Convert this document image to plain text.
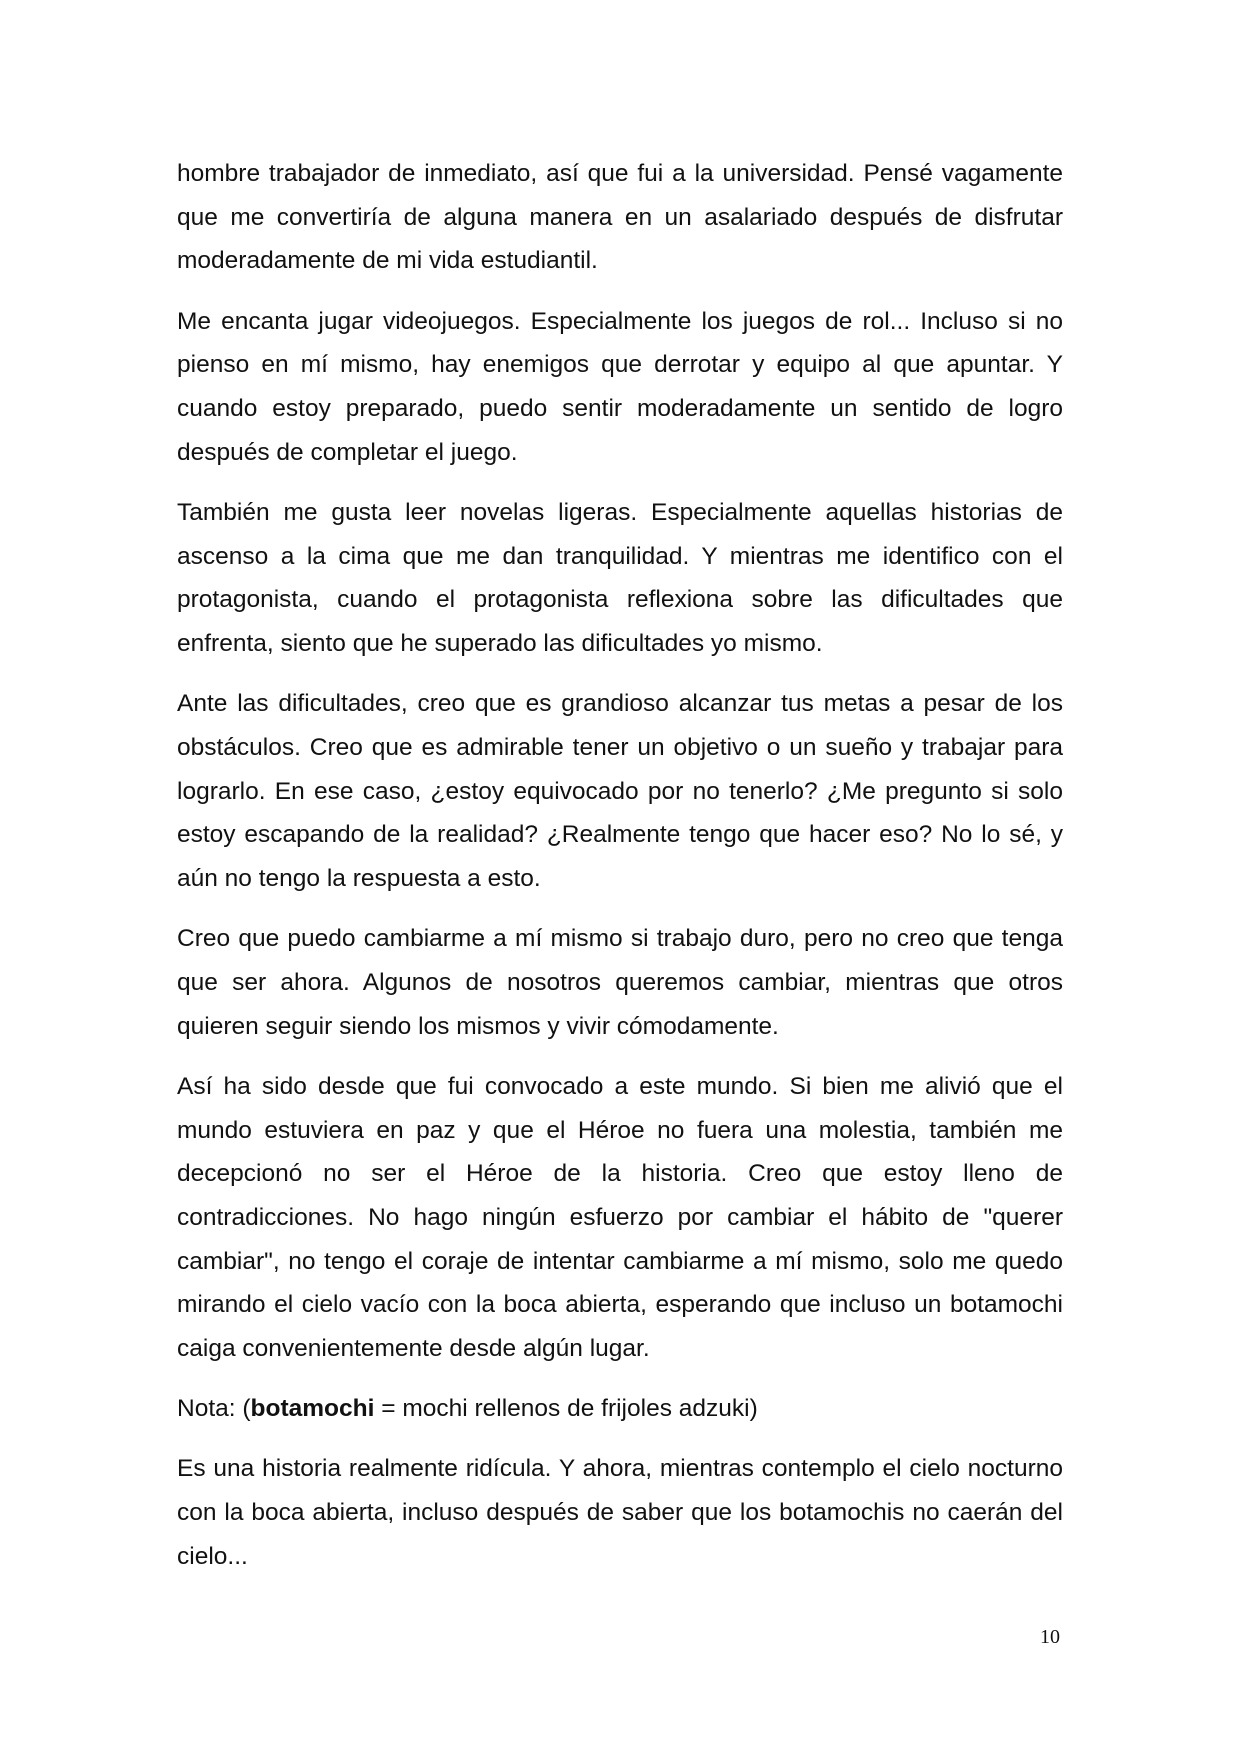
hombre trabajador de inmediato, así que fui a la universidad. Pensé vagamente que me convertiría de alguna manera en un asalariado después de disfrutar moderadamente de mi vida estudiantil.

Me encanta jugar videojuegos. Especialmente los juegos de rol... Incluso si no pienso en mí mismo, hay enemigos que derrotar y equipo al que apuntar. Y cuando estoy preparado, puedo sentir moderadamente un sentido de logro después de completar el juego.

También me gusta leer novelas ligeras. Especialmente aquellas historias de ascenso a la cima que me dan tranquilidad. Y mientras me identifico con el protagonista, cuando el protagonista reflexiona sobre las dificultades que enfrenta, siento que he superado las dificultades yo mismo.

Ante las dificultades, creo que es grandioso alcanzar tus metas a pesar de los obstáculos. Creo que es admirable tener un objetivo o un sueño y trabajar para lograrlo. En ese caso, ¿estoy equivocado por no tenerlo? ¿Me pregunto si solo estoy escapando de la realidad? ¿Realmente tengo que hacer eso? No lo sé, y aún no tengo la respuesta a esto.

Creo que puedo cambiarme a mí mismo si trabajo duro, pero no creo que tenga que ser ahora. Algunos de nosotros queremos cambiar, mientras que otros quieren seguir siendo los mismos y vivir cómodamente.

Así ha sido desde que fui convocado a este mundo. Si bien me alivió que el mundo estuviera en paz y que el Héroe no fuera una molestia, también me decepcionó no ser el Héroe de la historia. Creo que estoy lleno de contradicciones. No hago ningún esfuerzo por cambiar el hábito de "querer cambiar", no tengo el coraje de intentar cambiarme a mí mismo, solo me quedo mirando el cielo vacío con la boca abierta, esperando que incluso un botamochi caiga convenientemente desde algún lugar.

Nota: (botamochi = mochi rellenos de frijoles adzuki)

Es una historia realmente ridícula. Y ahora, mientras contemplo el cielo nocturno con la boca abierta, incluso después de saber que los botamochis no caerán del cielo...

10
